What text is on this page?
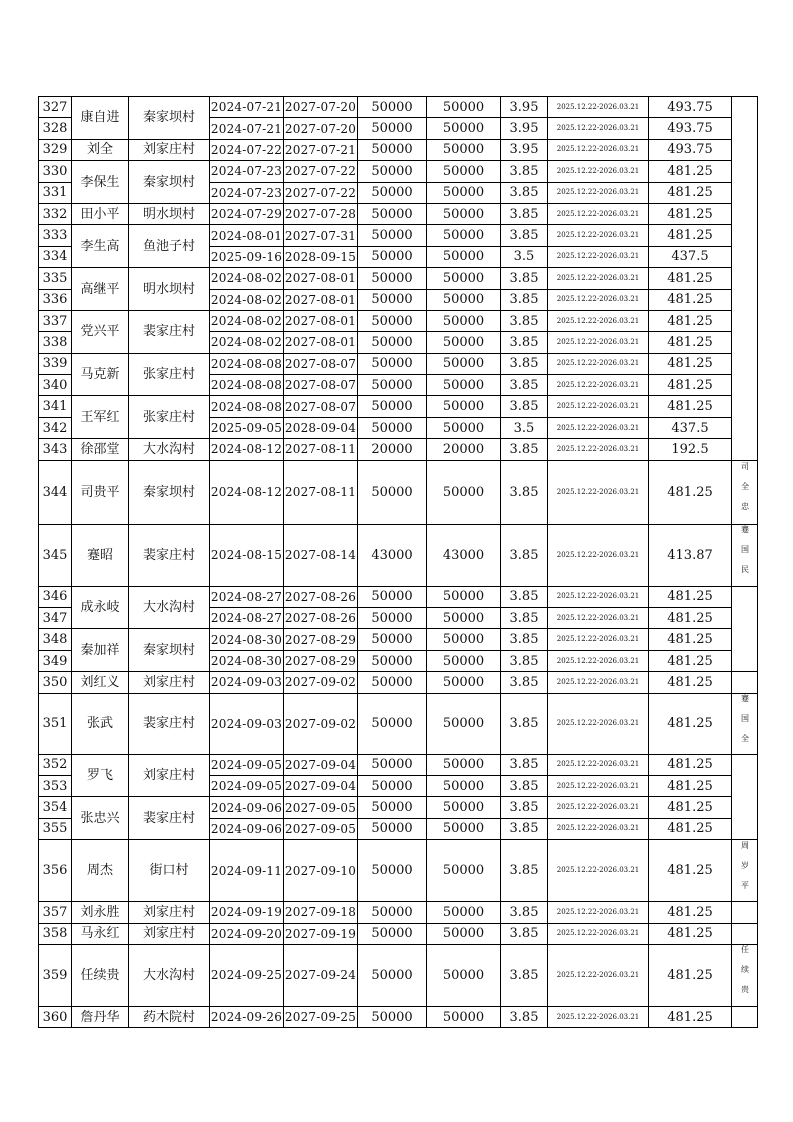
327	康自进	秦家坝村	2024-07-21	2027-07-20	50000	50000	3.95	2025.12.22-2026.03.21	493.75	
328			2024-07-21	2027-07-20	50000	50000	3.95	2025.12.22-2026.03.21	493.75	
329	刘全	刘家庄村	2024-07-22	2027-07-21	50000	50000	3.95	2025.12.22-2026.03.21	493.75	
330	李保生	秦家坝村	2024-07-23	2027-07-22	50000	50000	3.85	2025.12.22-2026.03.21	481.25	
331			2024-07-23	2027-07-22	50000	50000	3.85	2025.12.22-2026.03.21	481.25	
332	田小平	明水坝村	2024-07-29	2027-07-28	50000	50000	3.85	2025.12.22-2026.03.21	481.25	
333	李生高	鱼池子村	2024-08-01	2027-07-31	50000	50000	3.85	2025.12.22-2026.03.21	481.25	
334			2025-09-16	2028-09-15	50000	50000	3.5	2025.12.22-2026.03.21	437.5	
335	高继平	明水坝村	2024-08-02	2027-08-01	50000	50000	3.85	2025.12.22-2026.03.21	481.25	
336			2024-08-02	2027-08-01	50000	50000	3.85	2025.12.22-2026.03.21	481.25	
337	党兴平	裴家庄村	2024-08-02	2027-08-01	50000	50000	3.85	2025.12.22-2026.03.21	481.25	
338			2024-08-02	2027-08-01	50000	50000	3.85	2025.12.22-2026.03.21	481.25	
339	马克新	张家庄村	2024-08-08	2027-08-07	50000	50000	3.85	2025.12.22-2026.03.21	481.25	
340			2024-08-08	2027-08-07	50000	50000	3.85	2025.12.22-2026.03.21	481.25	
341	王军红	张家庄村	2024-08-08	2027-08-07	50000	50000	3.85	2025.12.22-2026.03.21	481.25	
342			2025-09-05	2028-09-04	50000	50000	3.5	2025.12.22-2026.03.21	437.5	
343	徐邵堂	大水沟村	2024-08-12	2027-08-11	20000	20000	3.85	2025.12.22-2026.03.21	192.5	
344	司贵平	秦家坝村	2024-08-12	2027-08-11	50000	50000	3.85	2025.12.22-2026.03.21	481.25	司全忠

345	蹇昭	裴家庄村	2024-08-15	2027-08-14	43000	43000	3.85	2025.12.22-2026.03.21	413.87	蹇国民

346	成永岐	大水沟村	2024-08-27	2027-08-26	50000	50000	3.85	2025.12.22-2026.03.21	481.25	
347			2024-08-27	2027-08-26	50000	50000	3.85	2025.12.22-2026.03.21	481.25	
348	秦加祥	秦家坝村	2024-08-30	2027-08-29	50000	50000	3.85	2025.12.22-2026.03.21	481.25	
349			2024-08-30	2027-08-29	50000	50000	3.85	2025.12.22-2026.03.21	481.25	
350	刘红义	刘家庄村	2024-09-03	2027-09-02	50000	50000	3.85	2025.12.22-2026.03.21	481.25	
351	张武	裴家庄村	2024-09-03	2027-09-02	50000	50000	3.85	2025.12.22-2026.03.21	481.25	蹇国全

352	罗飞	刘家庄村	2024-09-05	2027-09-04	50000	50000	3.85	2025.12.22-2026.03.21	481.25	
353			2024-09-05	2027-09-04	50000	50000	3.85	2025.12.22-2026.03.21	481.25	
354	张忠兴	裴家庄村	2024-09-06	2027-09-05	50000	50000	3.85	2025.12.22-2026.03.21	481.25	
355			2024-09-06	2027-09-05	50000	50000	3.85	2025.12.22-2026.03.21	481.25	
356	周杰	街口村	2024-09-11	2027-09-10	50000	50000	3.85	2025.12.22-2026.03.21	481.25	周岁平

357	刘永胜	刘家庄村	2024-09-19	2027-09-18	50000	50000	3.85	2025.12.22-2026.03.21	481.25	
358	马永红	刘家庄村	2024-09-20	2027-09-19	50000	50000	3.85	2025.12.22-2026.03.21	481.25	
359	任续贵	大水沟村	2024-09-25	2027-09-24	50000	50000	3.85	2025.12.22-2026.03.21	481.25	任续贵

360	詹丹华	药木院村	2024-09-26	2027-09-25	50000	50000	3.85	2025.12.22-2026.03.21	481.25	
